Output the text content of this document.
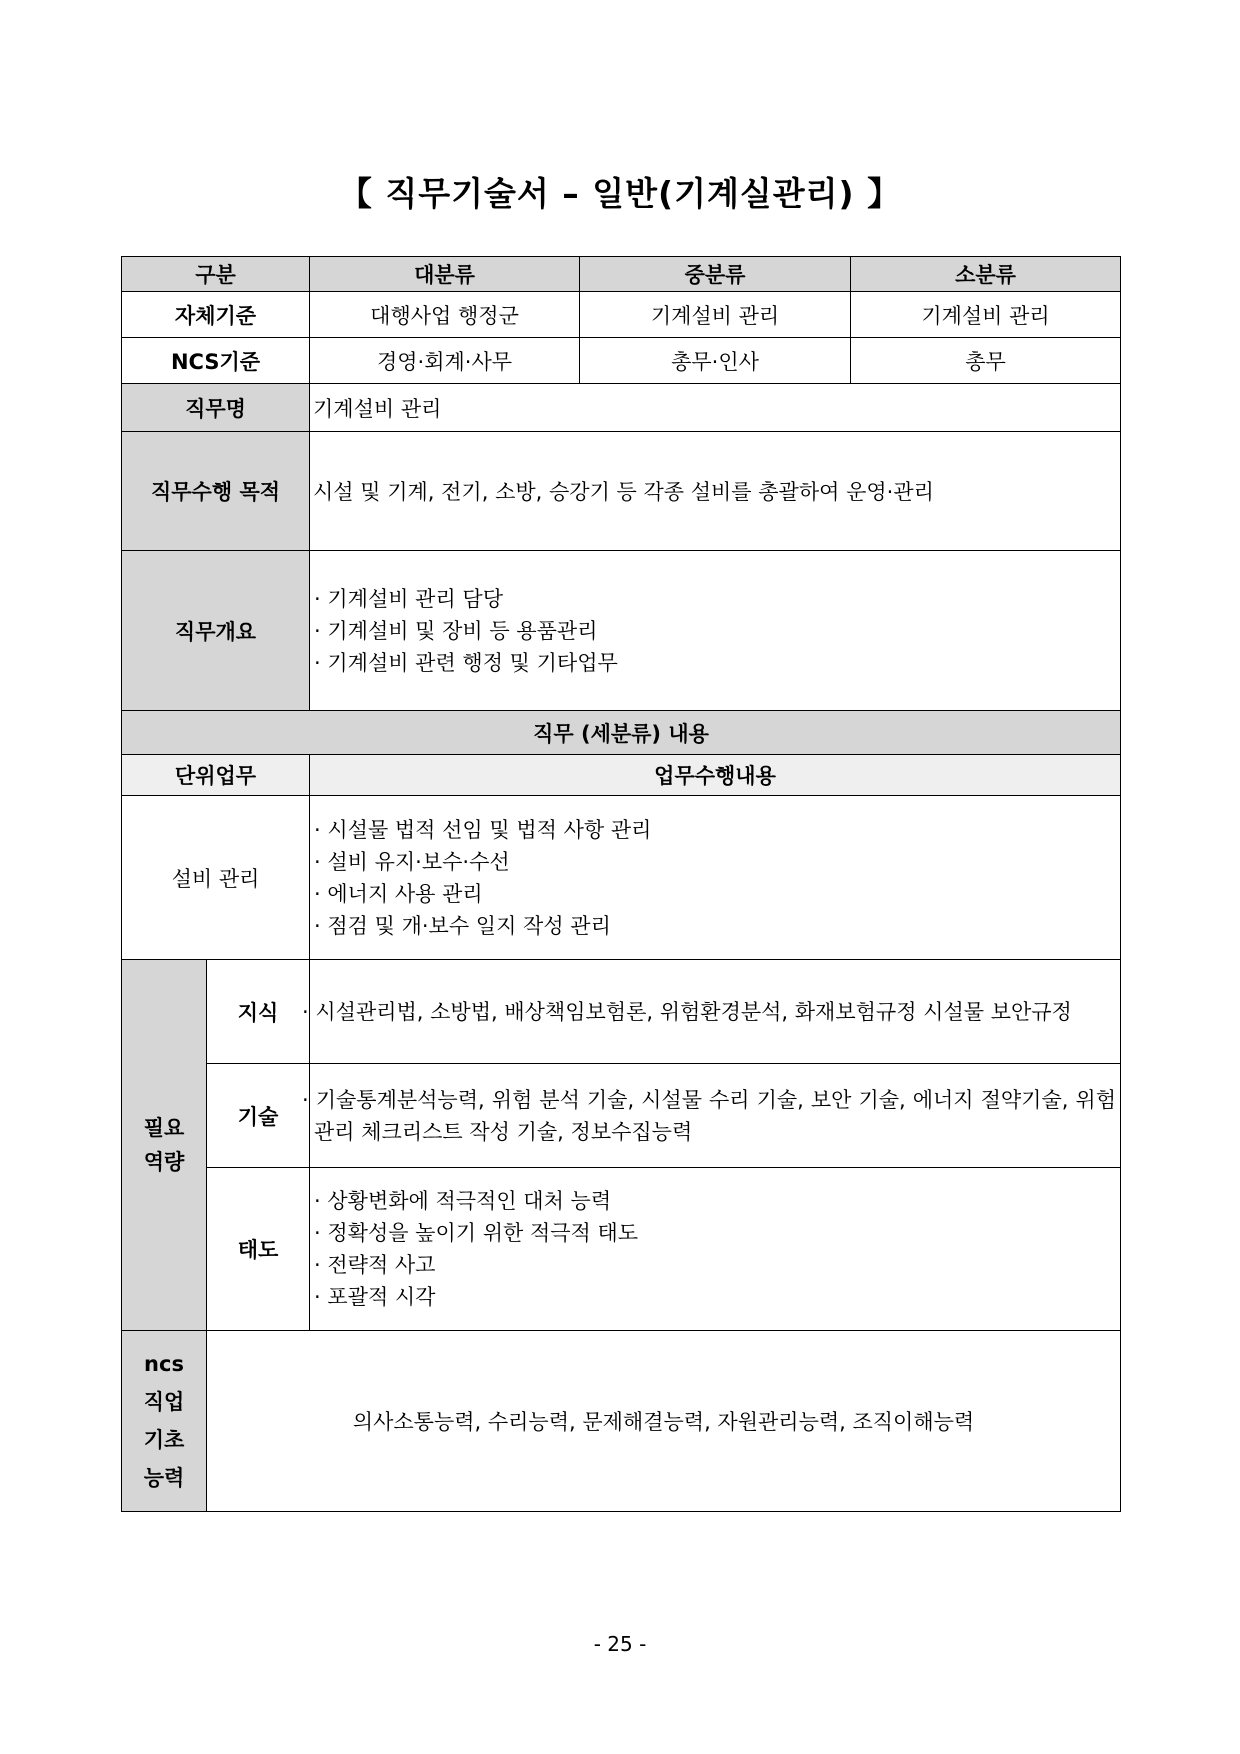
【 직무기술서 – 일반(기계실관리) 】
구분		대분류	중분류	소분류
자체기준		대행사업 행정군	기계설비 관리	기계설비 관리
NCS기준		경영·회계·사무	총무·인사	총무
직무명		기계설비 관리		
직무수행 목적		시설 및 기계, 전기, 소방, 승강기 등 각종 설비를 총괄하여 운영·관리		
직무개요		· 기계설비 관리 담당
· 기계설비 및 장비 등 용품관리
· 기계설비 관련 행정 및 기타업무		

직무 (세분류) 내용				
단위업무		업무수행내용		
설비 관리		· 시설물 법적 선임 및 법적 사항 관리
· 설비 유지·보수·수선
· 에너지 사용 관리
· 점검 및 개·보수 일지 작성 관리		

필요
역량	지식	· 시설관리법, 소방법, 배상책임보험론, 위험환경분석, 화재보험규정 시설물 보안규정		
	기술	· 기술통계분석능력, 위험 분석 기술, 시설물 수리 기술, 보안 기술, 에너지 절약기술, 위험관리 체크리스트 작성 기술, 정보수집능력		
	태도	· 상황변화에 적극적인 대처 능력
· 정확성을 높이기 위한 적극적 태도
· 전략적 사고
· 포괄적 시각		

ncs
직업
기초
능력	의사소통능력, 수리능력, 문제해결능력, 자원관리능력, 조직이해능력			
- 25 -
